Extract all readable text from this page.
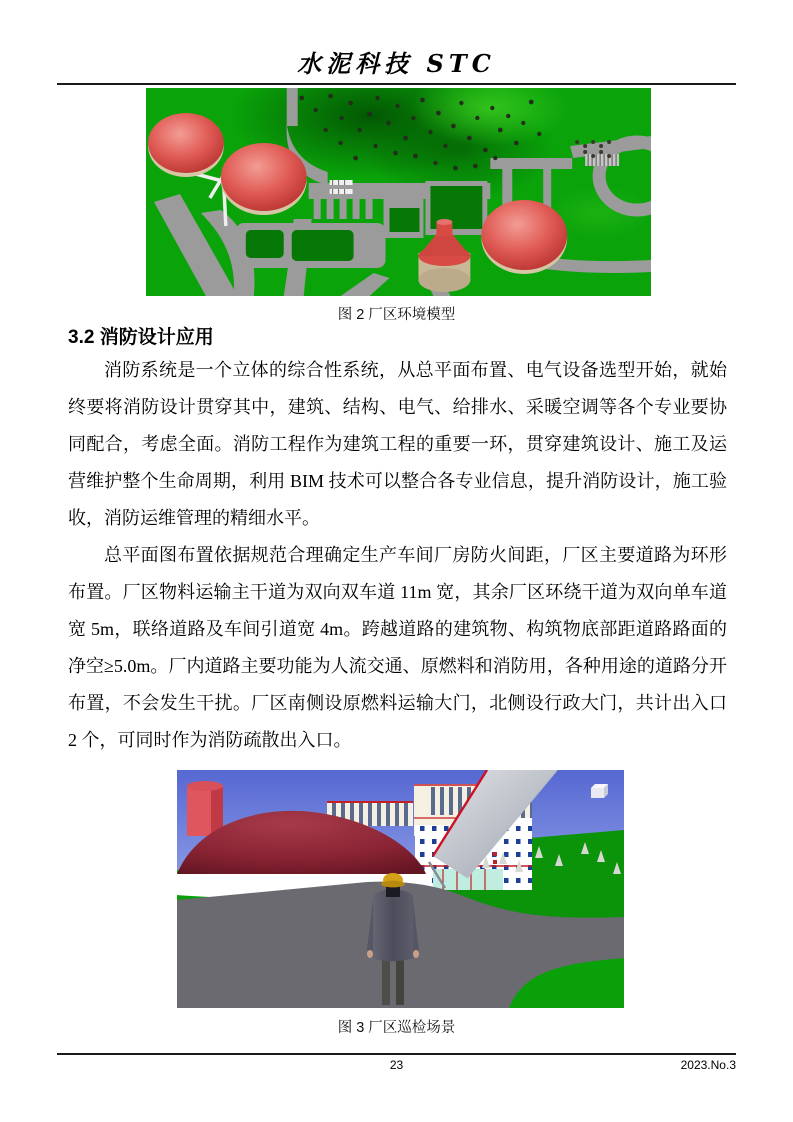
水泥科技 STC
图 2 厂区环境模型
3.2 消防设计应用

消防系统是一个立体的综合性系统，从总平面布置、电气设备选型开始，就始终要将消防设计贯穿其中，建筑、结构、电气、给排水、采暖空调等各个专业要协同配合，考虑全面。消防工程作为建筑工程的重要一环，贯穿建筑设计、施工及运营维护整个生命周期，利用 BIM 技术可以整合各专业信息，提升消防设计，施工验收，消防运维管理的精细水平。

总平面图布置依据规范合理确定生产车间厂房防火间距，厂区主要道路为环形布置。厂区物料运输主干道为双向双车道 11m 宽，其余厂区环绕干道为双向单车道宽 5m，联络道路及车间引道宽 4m。跨越道路的建筑物、构筑物底部距道路路面的净空≥5.0m。厂内道路主要功能为人流交通、原燃料和消防用，各种用途的道路分开布置，不会发生干扰。厂区南侧设原燃料运输大门，北侧设行政大门，共计出入口 2 个，可同时作为消防疏散出入口。

图 3 厂区巡检场景
23	2023.No.3
